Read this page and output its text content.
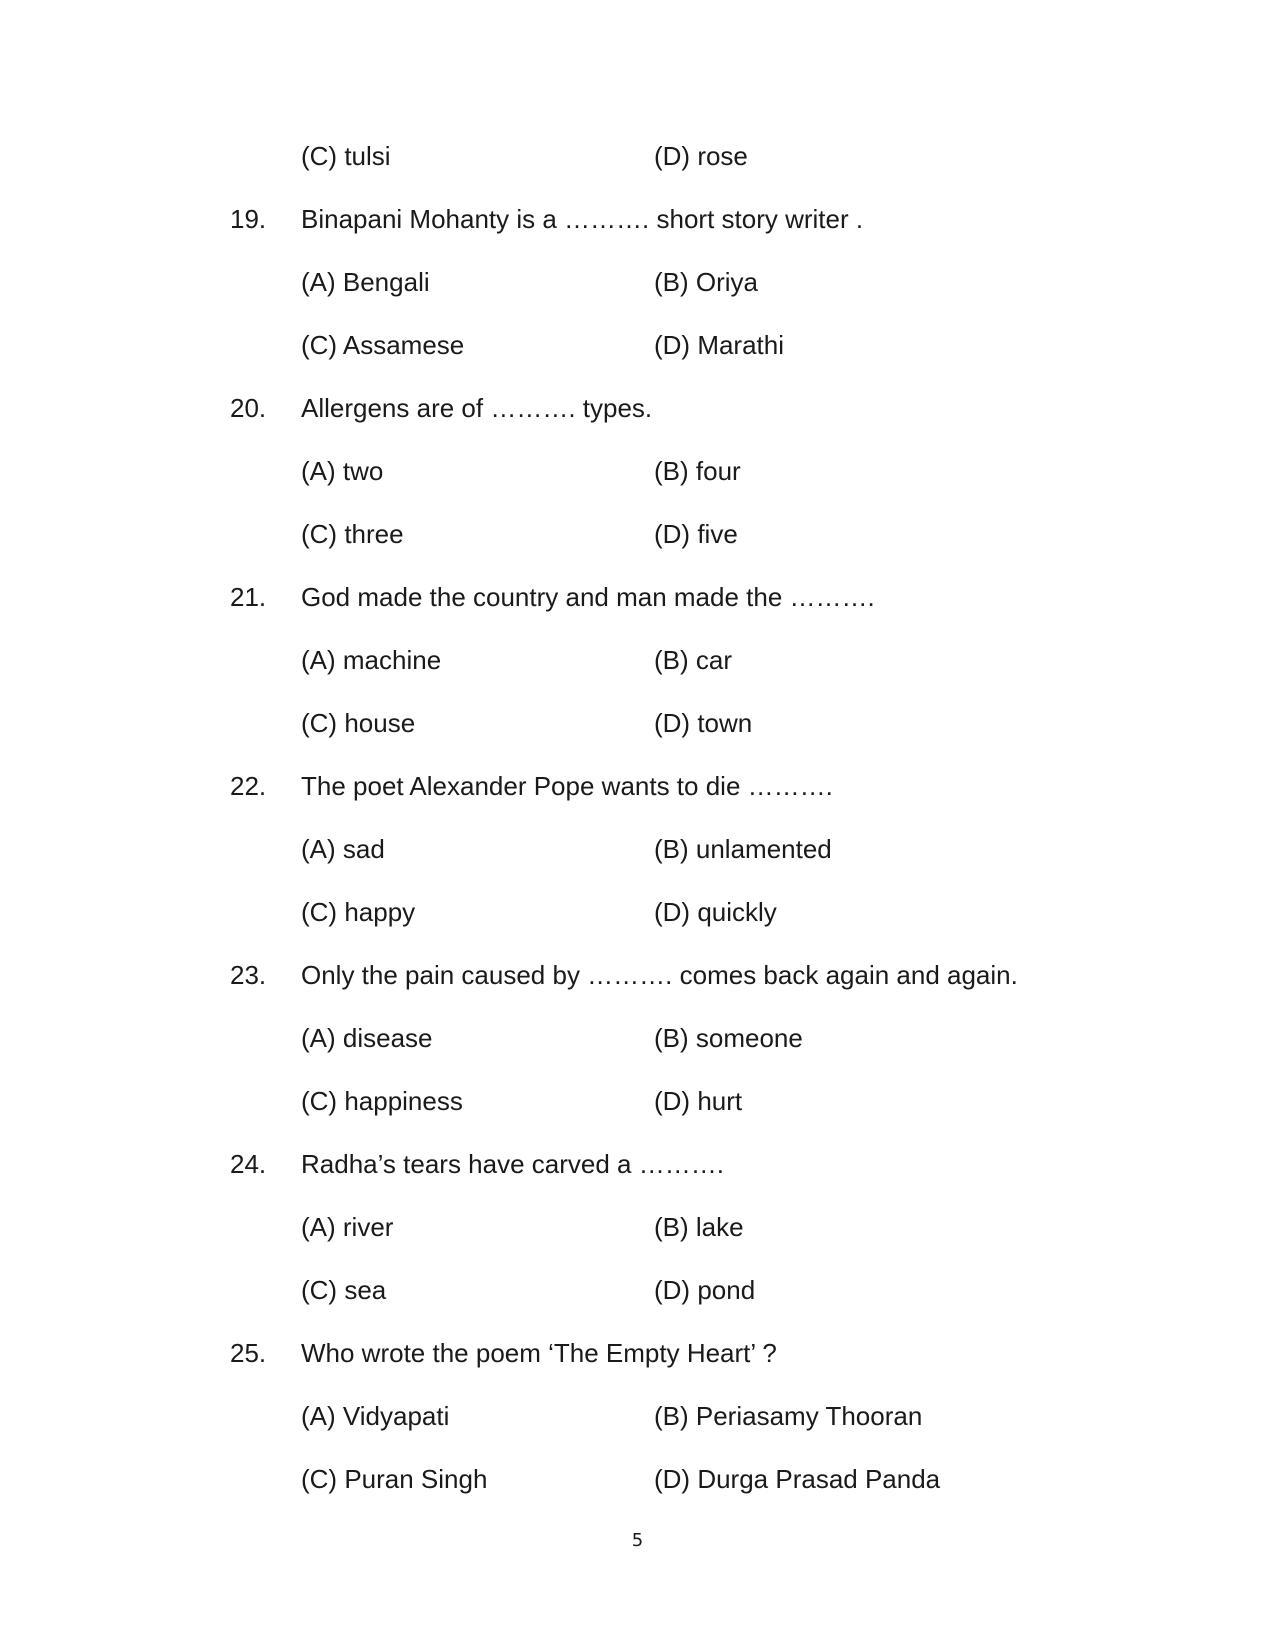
(C) tulsi	(D) rose
19. Binapani Mohanty is a ………. short story writer .
(A) Bengali	(B) Oriya
(C) Assamese	(D) Marathi
20. Allergens are of ………. types.
(A) two	(B) four
(C) three	(D) five
21. God made the country and man made the ……….
(A) machine	(B) car
(C) house	(D) town
22. The poet Alexander Pope wants to die ……….
(A) sad	(B) unlamented
(C) happy	(D) quickly
23. Only the pain caused by ………. comes back again and again.
(A) disease	(B) someone
(C) happiness	(D) hurt
24. Radha’s tears have carved a ……….
(A) river	(B) lake
(C) sea	(D) pond
25. Who wrote the poem ‘The Empty Heart’ ?
(A) Vidyapati	(B) Periasamy Thooran
(C) Puran Singh	(D) Durga Prasad Panda
5
